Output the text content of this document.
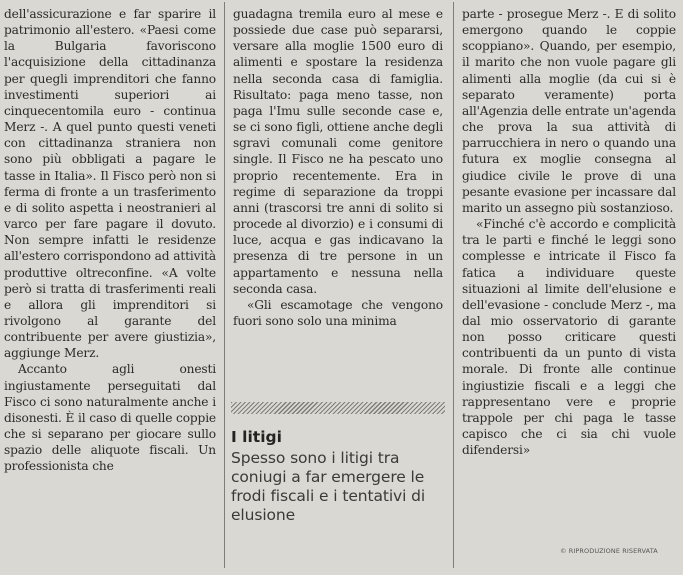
dell'assicurazione e far sparire il patrimonio all'estero. «Paesi come la Bulgaria favoriscono l'acquisizione della cittadinanza per quegli imprenditori che fanno investimenti superiori ai cinquecentomila euro - continua Merz -. A quel punto questi veneti con cittadinanza straniera non sono più obbligati a pagare le tasse in Italia». Il Fisco però non si ferma di fronte a un trasferimento e di solito aspetta i neostranieri al varco per fare pagare il dovuto. Non sempre infatti le residenze all'estero corrispondono ad attività produttive oltreconfine. «A volte però si tratta di trasferimenti reali e allora gli imprenditori si rivolgono al garante del contribuente per avere giustizia», aggiunge Merz.

Accanto agli onesti ingiustamente perseguitati dal Fisco ci sono naturalmente anche i disonesti. È il caso di quelle coppie che si separano per giocare sullo spazio delle aliquote fiscali. Un professionista che

guadagna tremila euro al mese e possiede due case può separarsi, versare alla moglie 1500 euro di alimenti e spostare la residenza nella seconda casa di famiglia. Risultato: paga meno tasse, non paga l'Imu sulle seconde case e, se ci sono figli, ottiene anche degli sgravi comunali come genitore single. Il Fisco ne ha pescato uno proprio recentemente. Era in regime di separazione da troppi anni (trascorsi tre anni di solito si procede al divorzio) e i consumi di luce, acqua e gas indicavano la presenza di tre persone in un appartamento e nessuna nella seconda casa.

«Gli escamotage che vengono fuori sono solo una minima

parte - prosegue Merz -. E di solito emergono quando le coppie scoppiano». Quando, per esempio, il marito che non vuole pagare gli alimenti alla moglie (da cui si è separato veramente) porta all'Agenzia delle entrate un'agenda che prova la sua attività di parrucchiera in nero o quando una futura ex moglie consegna al giudice civile le prove di una pesante evasione per incassare dal marito un assegno più sostanzioso.

«Finché c'è accordo e complicità tra le parti e finché le leggi sono complesse e intricate il Fisco fa fatica a individuare queste situazioni al limite dell'elusione e dell'evasione - conclude Merz -, ma dal mio osservatorio di garante non posso criticare questi contribuenti da un punto di vista morale. Di fronte alle continue ingiustizie fiscali e a leggi che rappresentano vere e proprie trappole per chi paga le tasse capisco che ci sia chi vuole difendersi»

I litigi
Spesso sono i litigi tra coniugi a far emergere le frodi fiscali e i tentativi di elusione
© RIPRODUZIONE RISERVATA
